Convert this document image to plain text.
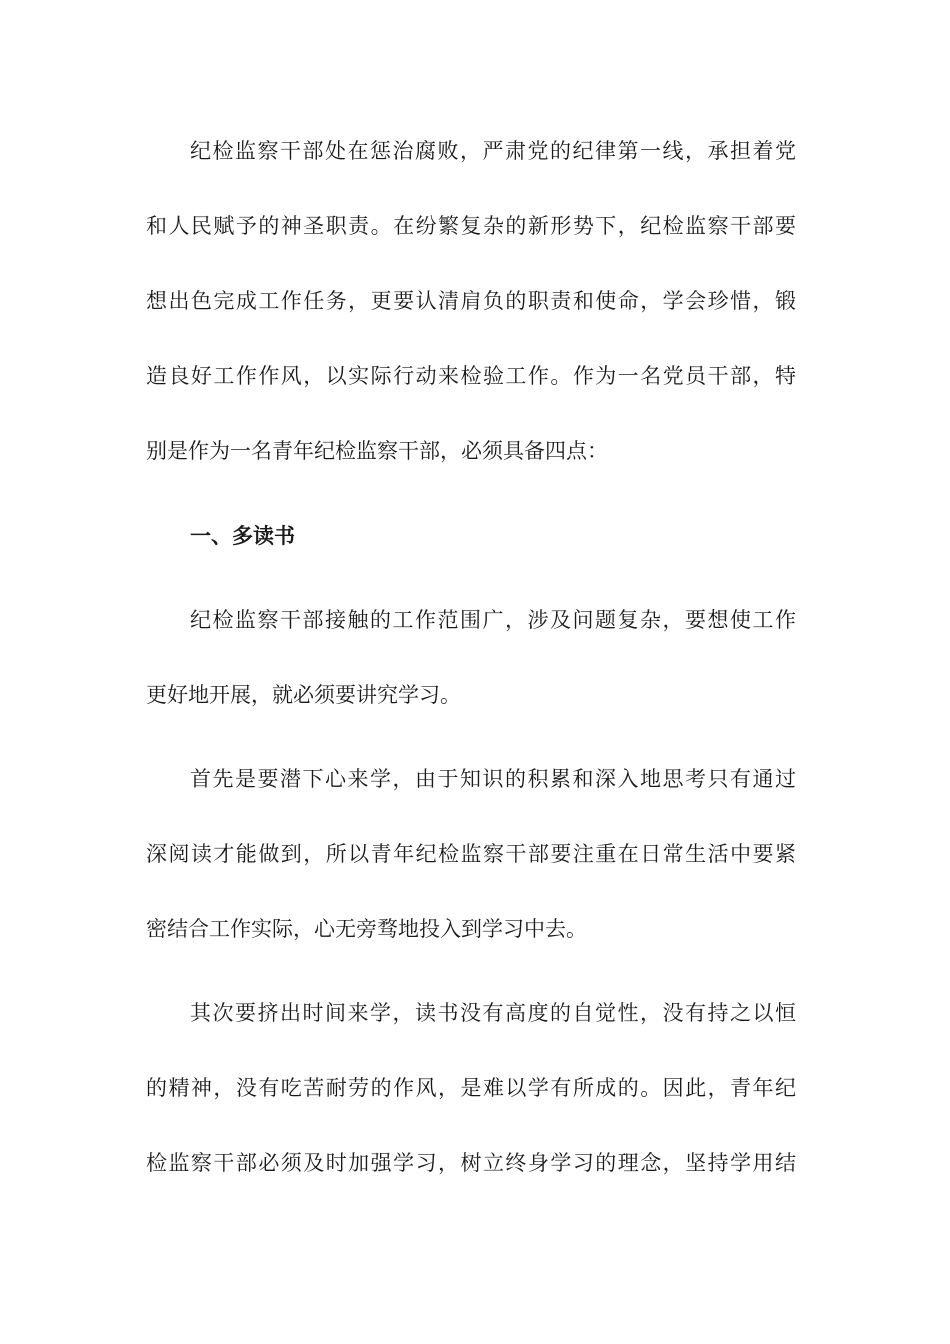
纪检监察干部处在惩治腐败，严肃党的纪律第一线，承担着党
和人民赋予的神圣职责。在纷繁复杂的新形势下，纪检监察干部要
想出色完成工作任务，更要认清肩负的职责和使命，学会珍惜，锻
造良好工作作风，以实际行动来检验工作。作为一名党员干部，特
别是作为一名青年纪检监察干部，必须具备四点：
一、多读书
纪检监察干部接触的工作范围广，涉及问题复杂，要想使工作
更好地开展，就必须要讲究学习。
首先是要潜下心来学，由于知识的积累和深入地思考只有通过
深阅读才能做到，所以青年纪检监察干部要注重在日常生活中要紧
密结合工作实际，心无旁骛地投入到学习中去。
其次要挤出时间来学，读书没有高度的自觉性，没有持之以恒
的精神，没有吃苦耐劳的作风，是难以学有所成的。因此，青年纪
检监察干部必须及时加强学习，树立终身学习的理念，坚持学用结
